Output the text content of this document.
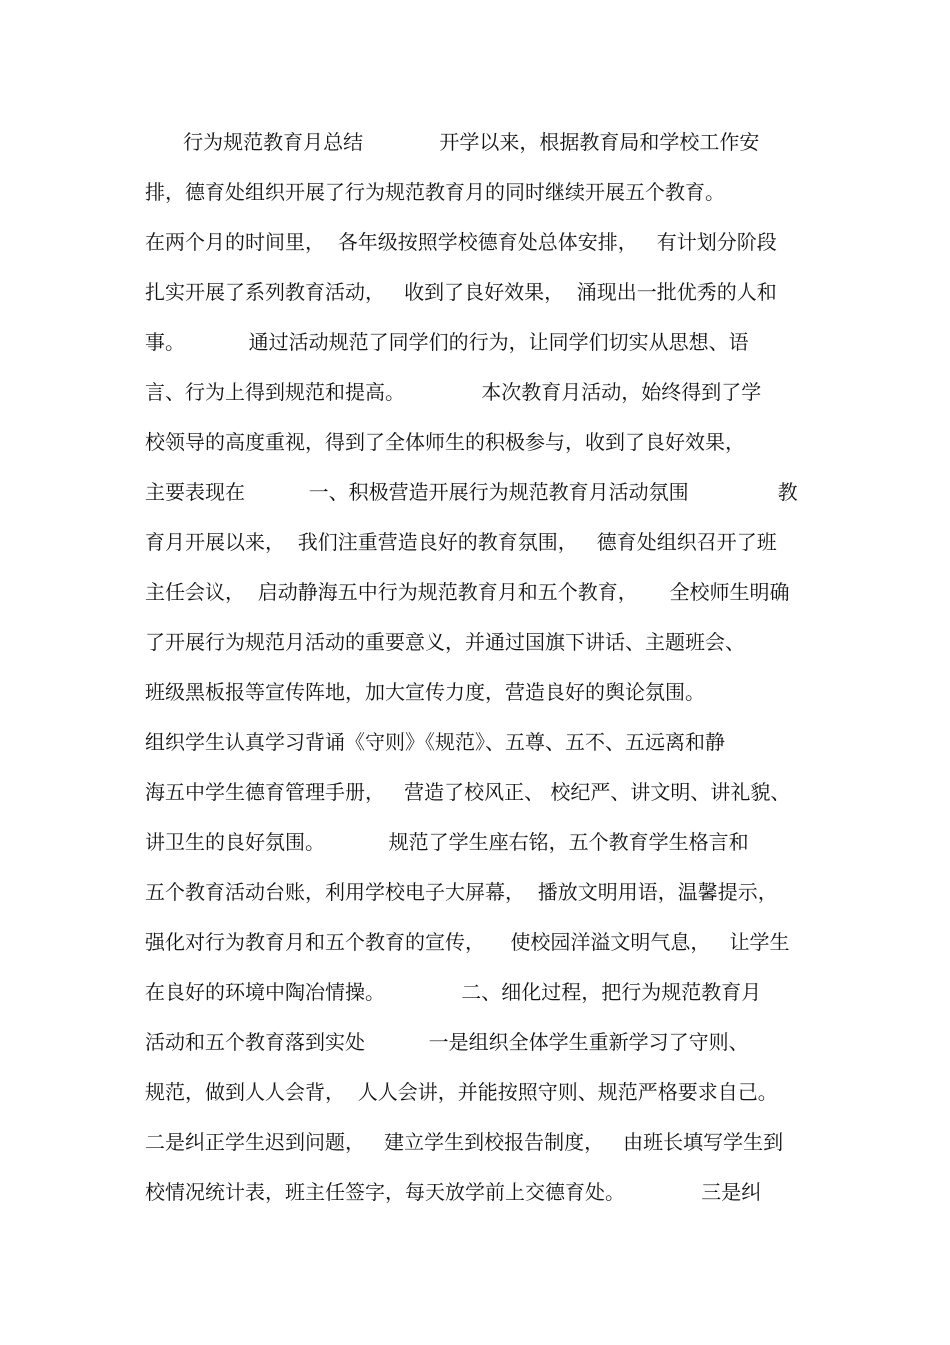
行为规范教育月总结            开学以来，根据教育局和学校工作安
排，德育处组织开展了行为规范教育月的同时继续开展五个教育。
在两个月的时间里，  各年级按照学校德育处总体安排，   有计划分阶段
扎实开展了系列教育活动，   收到了良好效果，  涌现出一批优秀的人和
事。          通过活动规范了同学们的行为，让同学们切实从思想、语
言、行为上得到规范和提高。            本次教育月活动，始终得到了学
校领导的高度重视，得到了全体师生的积极参与，收到了良好效果，
主要表现在          一、积极营造开展行为规范教育月活动氛围              教
育月开展以来，  我们注重营造良好的教育氛围，   德育处组织召开了班
主任会议，  启动静海五中行为规范教育月和五个教育，     全校师生明确
了开展行为规范月活动的重要意义，并通过国旗下讲话、主题班会、
班级黑板报等宣传阵地，加大宣传力度，营造良好的舆论氛围。
组织学生认真学习背诵《守则》《规范》、五尊、五不、五远离和静
海五中学生德育管理手册，   营造了校风正、 校纪严、讲文明、讲礼貌、
讲卫生的良好氛围。          规范了学生座右铭，五个教育学生格言和
五个教育活动台账，利用学校电子大屏幕，  播放文明用语，温馨提示，
强化对行为教育月和五个教育的宣传，    使校园洋溢文明气息，   让学生
在良好的环境中陶冶情操。            二、细化过程，把行为规范教育月
活动和五个教育落到实处          一是组织全体学生重新学习了守则、
规范，做到人人会背，  人人会讲，并能按照守则、规范严格要求自己。
二是纠正学生迟到问题，   建立学生到校报告制度，   由班长填写学生到
校情况统计表，班主任签字，每天放学前上交德育处。            三是纠
